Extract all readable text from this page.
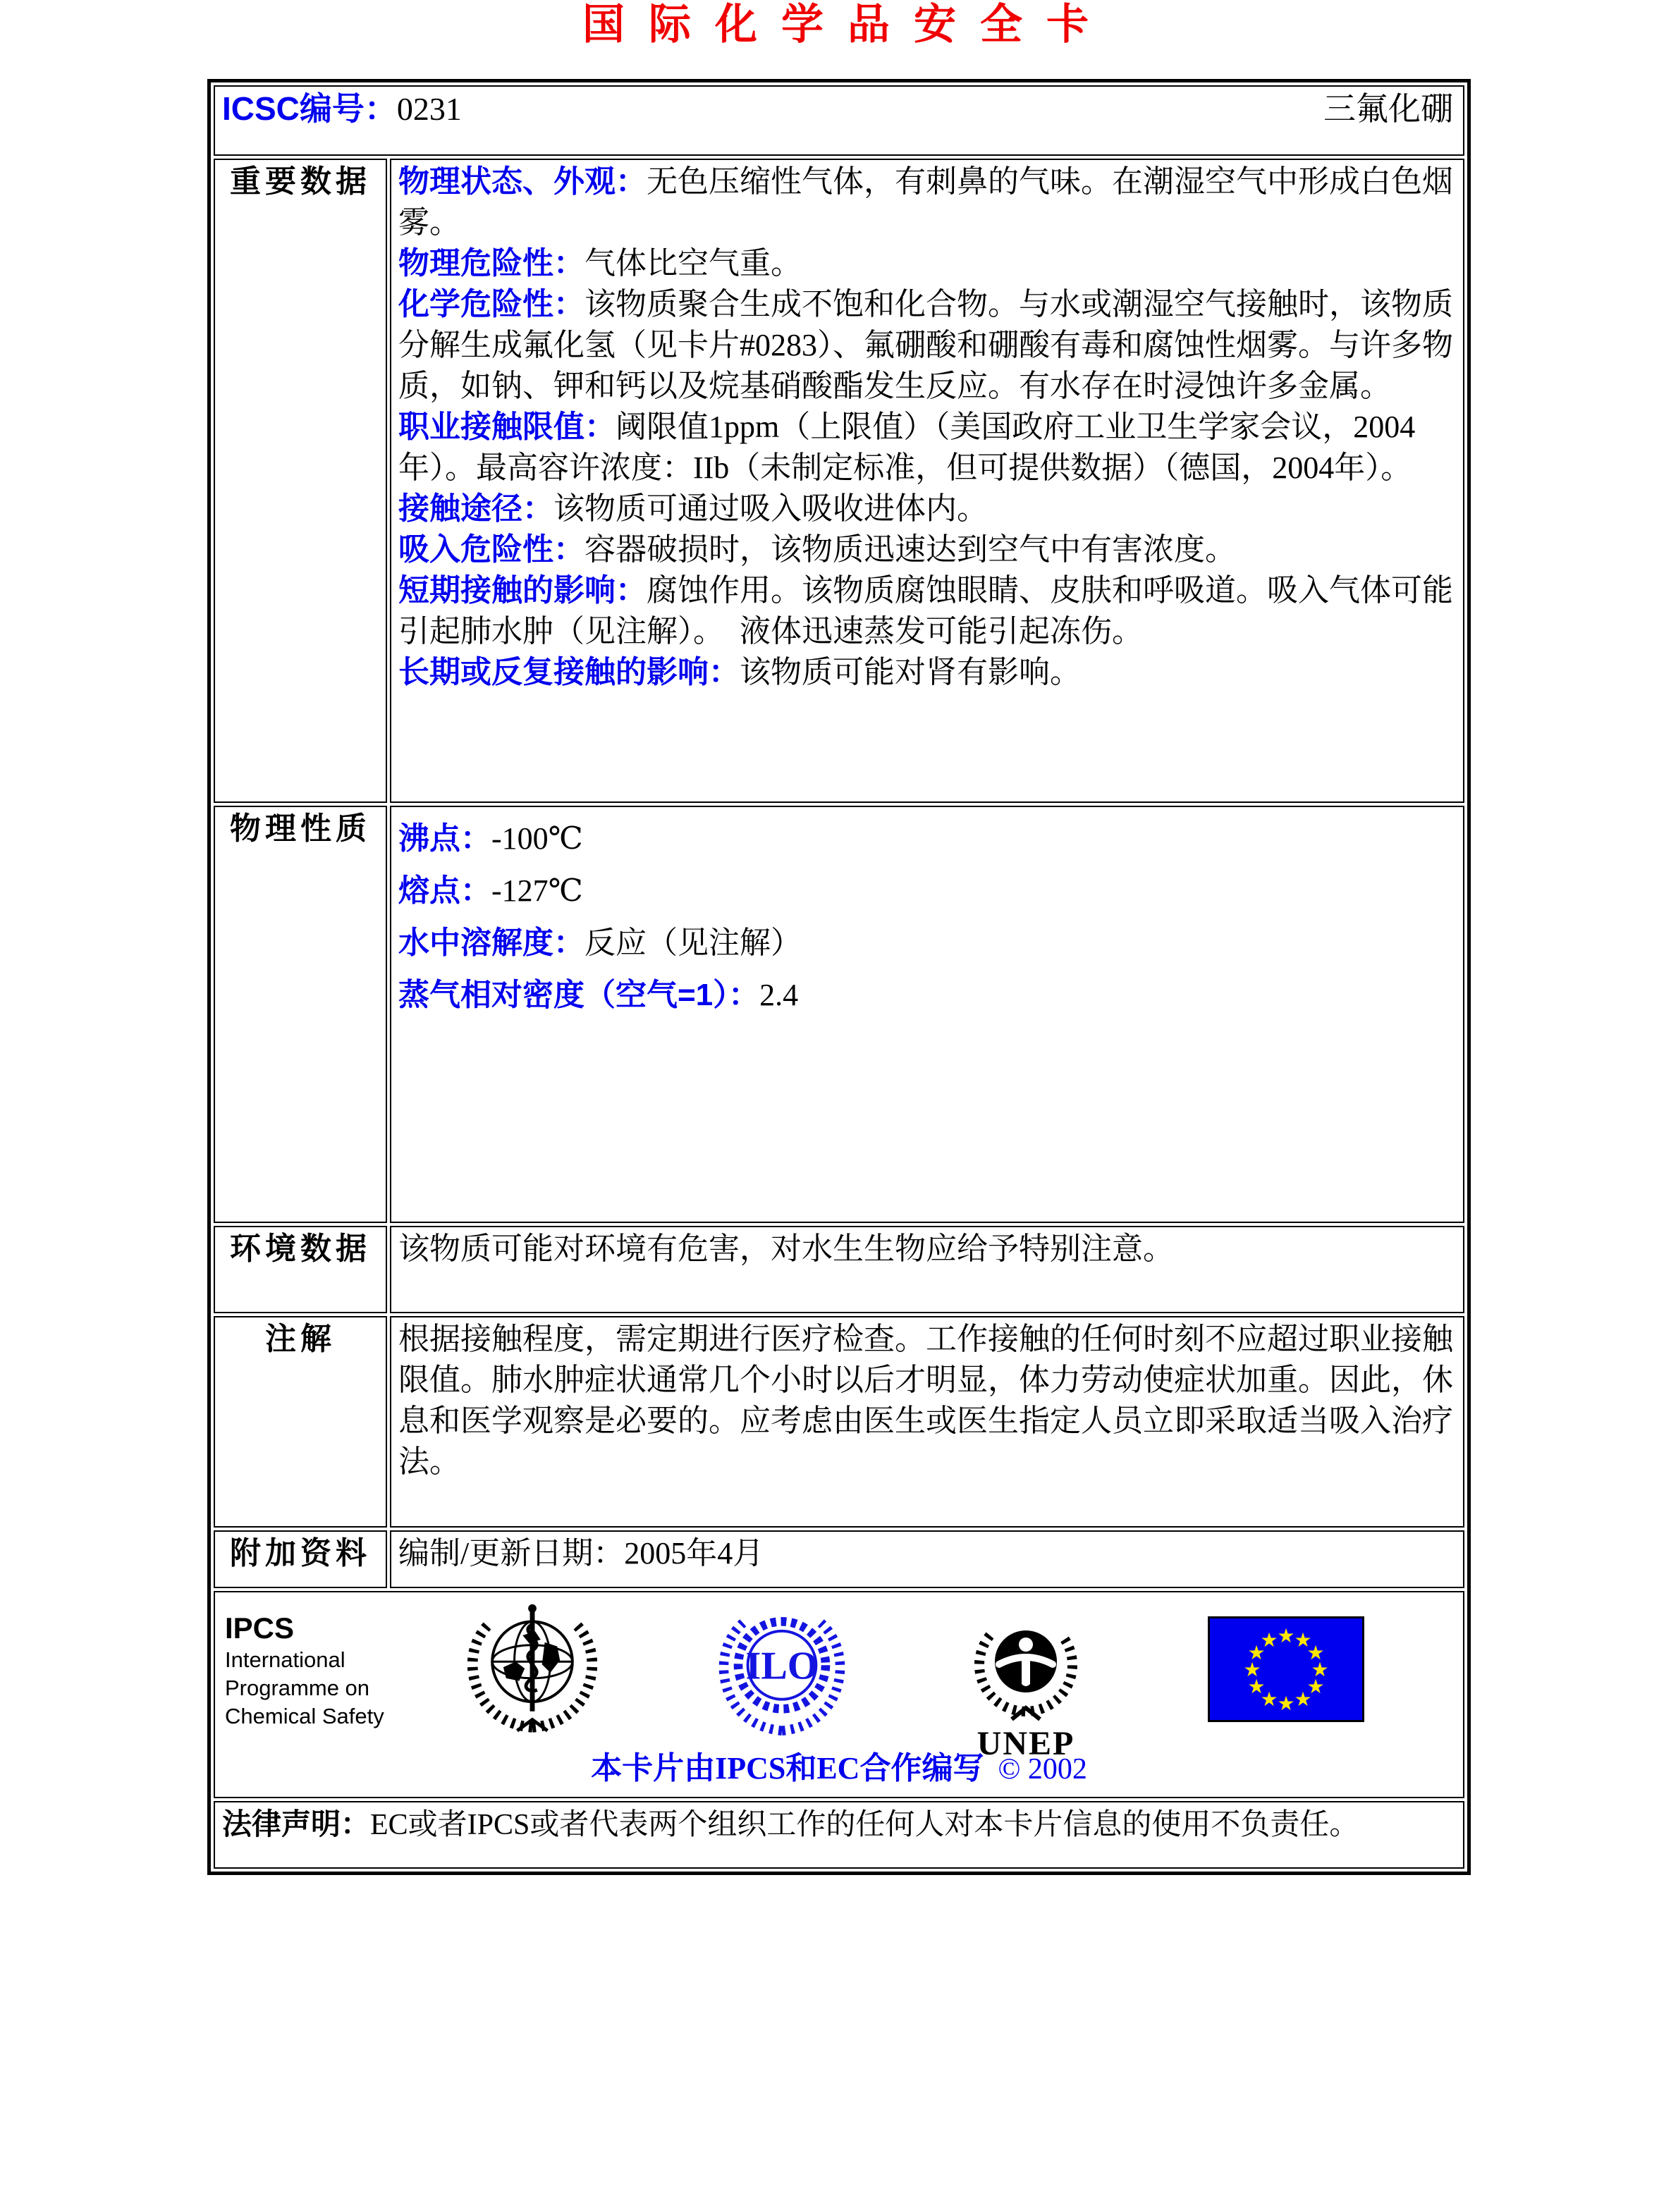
国际化学品安全卡
ICSC编号：0231 三氟化硼	

重要数据	物理状态、外观：无色压缩性气体，有刺鼻的气味。在潮湿空气中形成白色烟雾。

物理危险性：气体比空气重。

化学危险性：该物质聚合生成不饱和化合物。与水或潮湿空气接触时，该物质分解生成氟化氢（见卡片#0283）、氟硼酸和硼酸有毒和腐蚀性烟雾。与许多物质，如钠、钾和钙以及烷基硝酸酯发生反应。有水存在时浸蚀许多金属。

职业接触限值：阈限值1ppm（上限值）（美国政府工业卫生学家会议，2004年）。最高容许浓度：IIb（未制定标准，但可提供数据）（德国，2004年）。

接触途径：该物质可通过吸入吸收进体内。

吸入危险性：容器破损时，该物质迅速达到空气中有害浓度。

短期接触的影响：腐蚀作用。该物质腐蚀眼睛、皮肤和呼吸道。吸入气体可能引起肺水肿（见注解）。　液体迅速蒸发可能引起冻伤。

长期或反复接触的影响：该物质可能对肾有影响。

物理性质	沸点：-100℃

熔点：-127℃

水中溶解度：反应（见注解）

蒸气相对密度（空气=1）：2.4

环境数据	该物质可能对环境有危害，对水生生物应给予特别注意。

注解	根据接触程度，需定期进行医疗检查。工作接触的任何时刻不应超过职业接触限值。肺水肿症状通常几个小时以后才明显，体力劳动使症状加重。因此，休息和医学观察是必要的。应考虑由医生或医生指定人员立即采取适当吸入治疗法。

附加资料	编制/更新日期：2005年4月

IPCS
International
Programme on
Chemical Safety
ILO
UNEP
★
★
★
★
★
★
★
★
★
★
★
★
本卡片由IPCS和EC合作编写 © 2002

法律声明：EC或者IPCS或者代表两个组织工作的任何人对本卡片信息的使用不负责任。	
